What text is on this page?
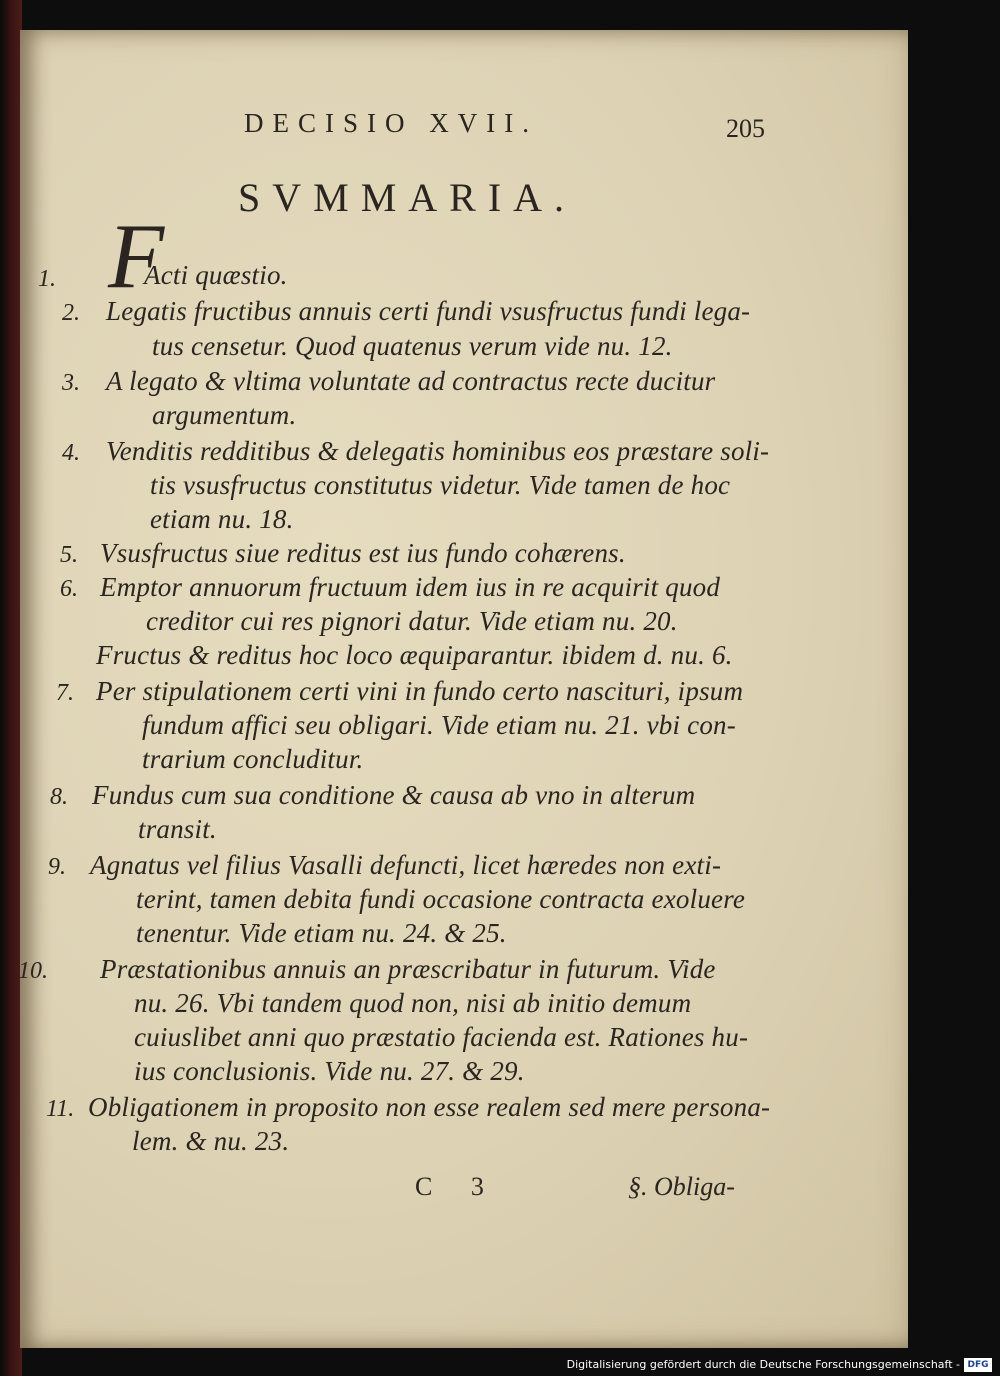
DECISIO XVII.	205
SVMMARIA.
F
1.	Acti quæstio.
2. Legatis fructibus annuis certi fundi vsusfructus fundi lega-
tus censetur. Quod quatenus verum vide nu. 12.
3. A legato & vltima voluntate ad contractus recte ducitur
argumentum.
4. Venditis redditibus & delegatis hominibus eos præstare soli-
tis vsusfructus constitutus videtur. Vide tamen de hoc
etiam nu. 18.
5. Vsusfructus siue reditus est ius fundo cohærens.
6. Emptor annuorum fructuum idem ius in re acquirit quod
creditor cui res pignori datur. Vide etiam nu. 20.
Fructus & reditus hoc loco æquiparantur. ibidem d. nu. 6.
7. Per stipulationem certi vini in fundo certo nasciturі, ipsum
fundum affici seu obligari. Vide etiam nu. 21. vbi con-
trarium concluditur.
8. Fundus cum sua conditione & causa ab vno in alterum
transit.
9. Agnatus vel filius Vasalli defuncti, licet hæredes non exti-
terint, tamen debita fundi occasione contracta exoluere
tenentur. Vide etiam nu. 24. & 25.
10. Præstationibus annuis an præscribatur in futurum. Vide
nu. 26. Vbi tandem quod non, nisi ab initio demum
cuiuslibet anni quo præstatio facienda est. Rationes hu-
ius conclusionis. Vide nu. 27. & 29.
11. Obligationem in proposito non esse realem sed mere persona-
lem. & nu. 23.
C 3	§. Obliga-
Digitalisierung gefördert durch die Deutsche Forschungsgemeinschaft - DFG
